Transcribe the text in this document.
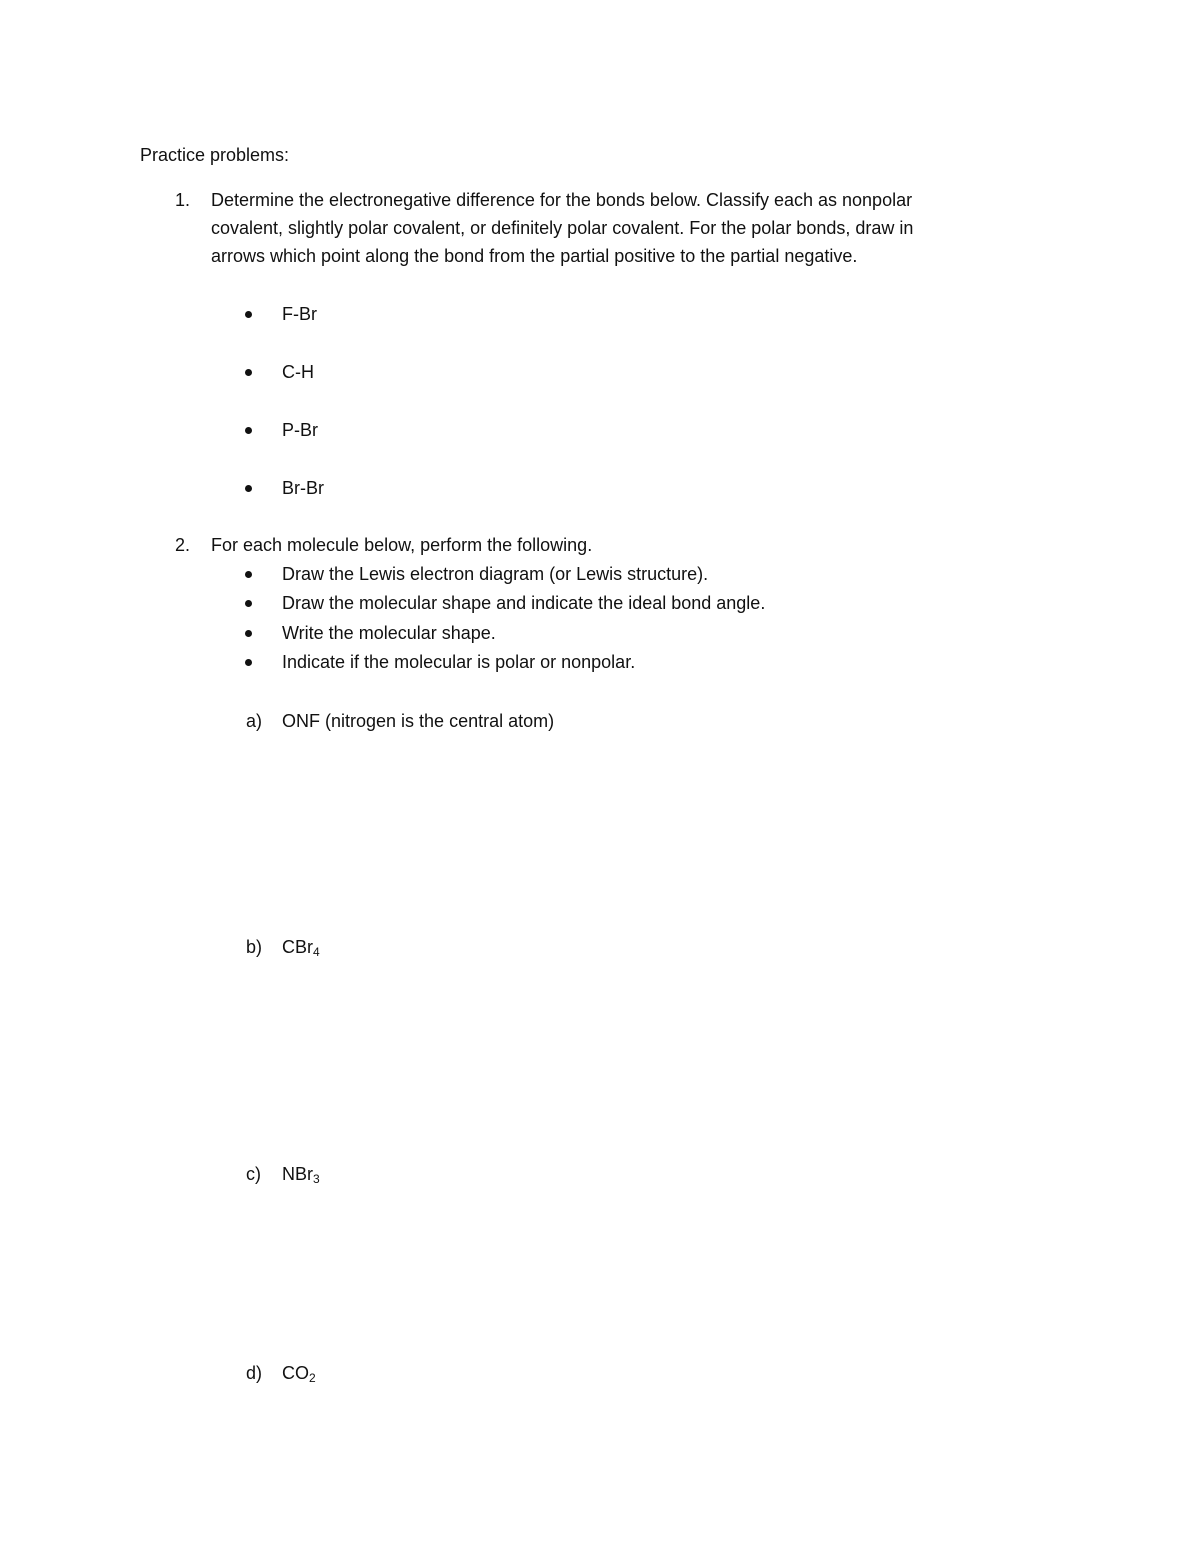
Practice problems:
1. Determine the electronegative difference for the bonds below. Classify each as nonpolar
covalent, slightly polar covalent, or definitely polar covalent. For the polar bonds, draw in
arrows which point along the bond from the partial positive to the partial negative.
F-Br
C-H
P-Br
Br-Br
2. For each molecule below, perform the following.
Draw the Lewis electron diagram (or Lewis structure).
Draw the molecular shape and indicate the ideal bond angle.
Write the molecular shape.
Indicate if the molecular is polar or nonpolar.
a) ONF (nitrogen is the central atom)
b) CBr$_4$
c) NBr$_3$
d) $CO_2$
